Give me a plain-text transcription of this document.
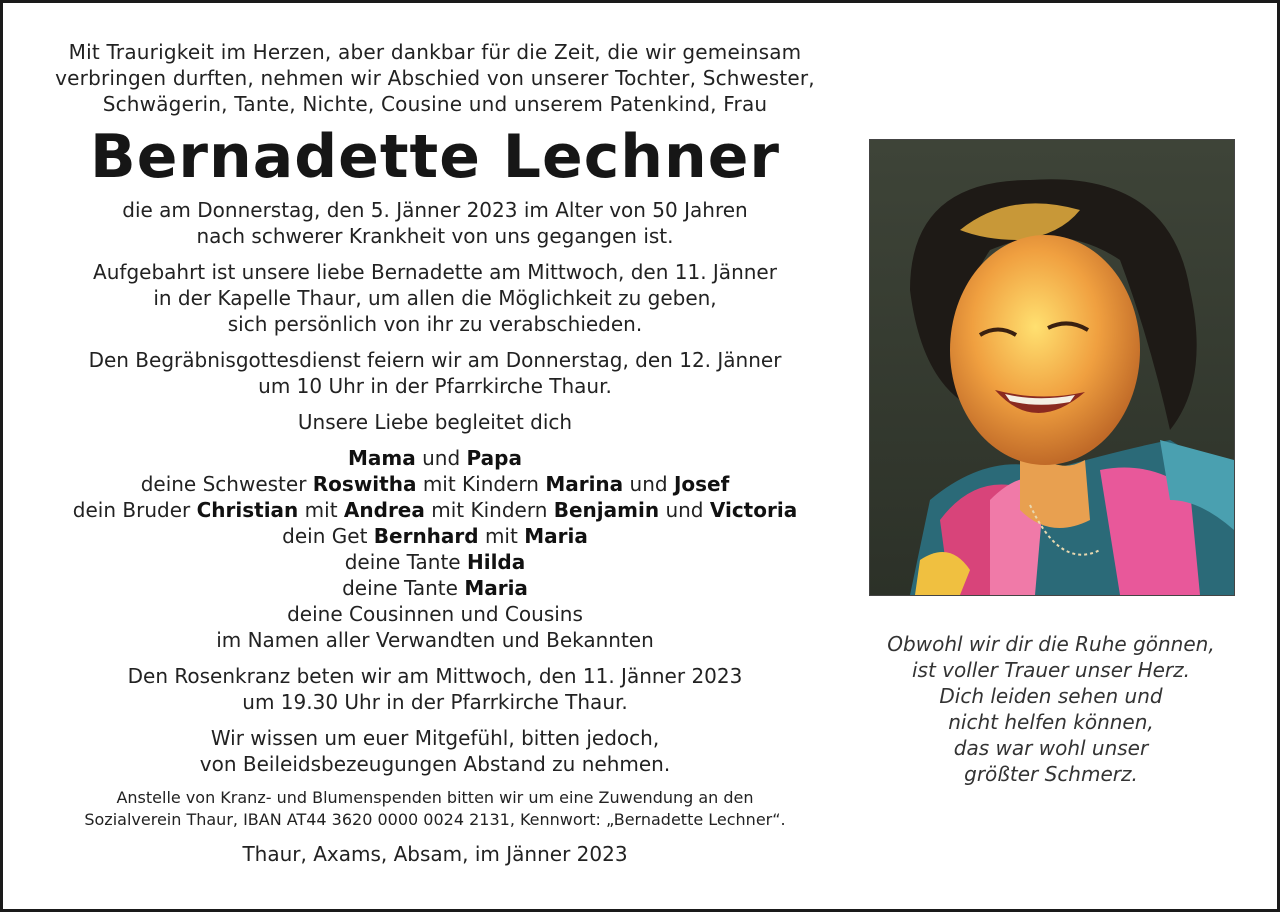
Mit Traurigkeit im Herzen, aber dankbar für die Zeit, die wir gemeinsam
verbringen durften, nehmen wir Abschied von unserer Tochter, Schwester,
Schwägerin, Tante, Nichte, Cousine und unserem Patenkind, Frau
Bernadette Lechner
die am Donnerstag, den 5. Jänner 2023 im Alter von 50 Jahren
nach schwerer Krankheit von uns gegangen ist.
Aufgebahrt ist unsere liebe Bernadette am Mittwoch, den 11. Jänner
in der Kapelle Thaur, um allen die Möglichkeit zu geben,
sich persönlich von ihr zu verabschieden.
Den Begräbnisgottesdienst feiern wir am Donnerstag, den 12. Jänner
um 10 Uhr in der Pfarrkirche Thaur.
Unsere Liebe begleitet dich
Mama und Papa
deine Schwester Roswitha mit Kindern Marina und Josef
dein Bruder Christian mit Andrea mit Kindern Benjamin und Victoria
dein Get Bernhard mit Maria
deine Tante Hilda
deine Tante Maria
deine Cousinnen und Cousins
im Namen aller Verwandten und Bekannten
Den Rosenkranz beten wir am Mittwoch, den 11. Jänner 2023
um 19.30 Uhr in der Pfarrkirche Thaur.
Wir wissen um euer Mitgefühl, bitten jedoch,
von Beileidsbezeugungen Abstand zu nehmen.
Anstelle von Kranz- und Blumenspenden bitten wir um eine Zuwendung an den
Sozialverein Thaur, IBAN AT44 3620 0000 0024 2131, Kennwort: „Bernadette Lechner“.
Thaur, Axams, Absam, im Jänner 2023
Obwohl wir dir die Ruhe gönnen,
ist voller Trauer unser Herz.
Dich leiden sehen und
nicht helfen können,
das war wohl unser
größter Schmerz.
